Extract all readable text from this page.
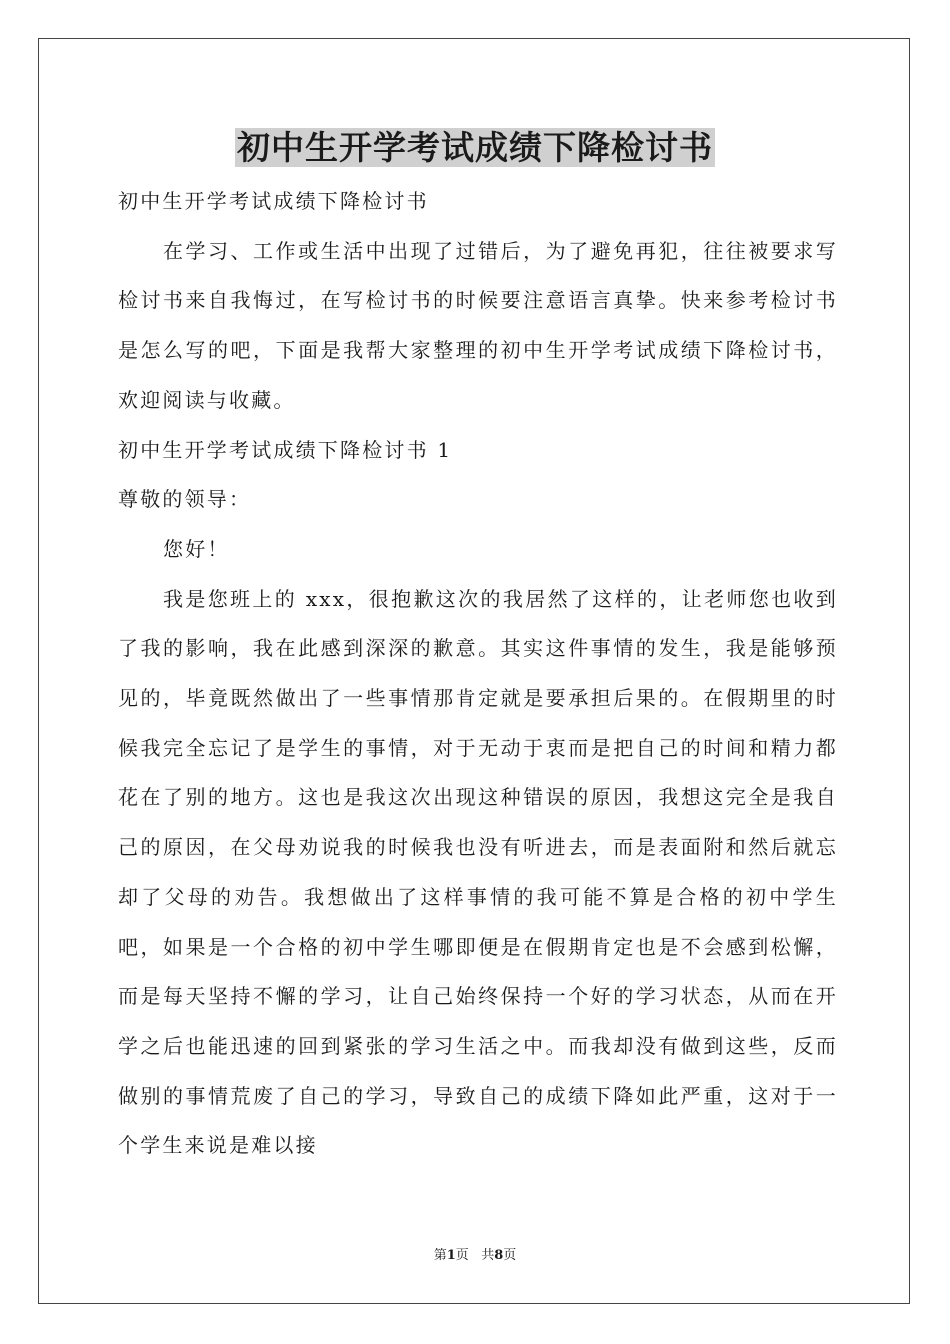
初中生开学考试成绩下降检讨书

初中生开学考试成绩下降检讨书

在学习、工作或生活中出现了过错后，为了避免再犯，往往被要求写检讨书来自我悔过，在写检讨书的时候要注意语言真挚。快来参考检讨书是怎么写的吧，下面是我帮大家整理的初中生开学考试成绩下降检讨书，欢迎阅读与收藏。

初中生开学考试成绩下降检讨书 1

尊敬的领导：

您好！

我是您班上的 xxx，很抱歉这次的我居然了这样的，让老师您也收到了我的影响，我在此感到深深的歉意。其实这件事情的发生，我是能够预见的，毕竟既然做出了一些事情那肯定就是要承担后果的。在假期里的时候我完全忘记了是学生的事情，对于无动于衷而是把自己的时间和精力都花在了别的地方。这也是我这次出现这种错误的原因，我想这完全是我自己的原因，在父母劝说我的时候我也没有听进去，而是表面附和然后就忘却了父母的劝告。我想做出了这样事情的我可能不算是合格的初中学生吧，如果是一个合格的初中学生哪即便是在假期肯定也是不会感到松懈，而是每天坚持不懈的学习，让自己始终保持一个好的学习状态，从而在开学之后也能迅速的回到紧张的学习生活之中。而我却没有做到这些，反而做别的事情荒废了自己的学习，导致自己的成绩下降如此严重，这对于一个学生来说是难以接

第1页 共8页
